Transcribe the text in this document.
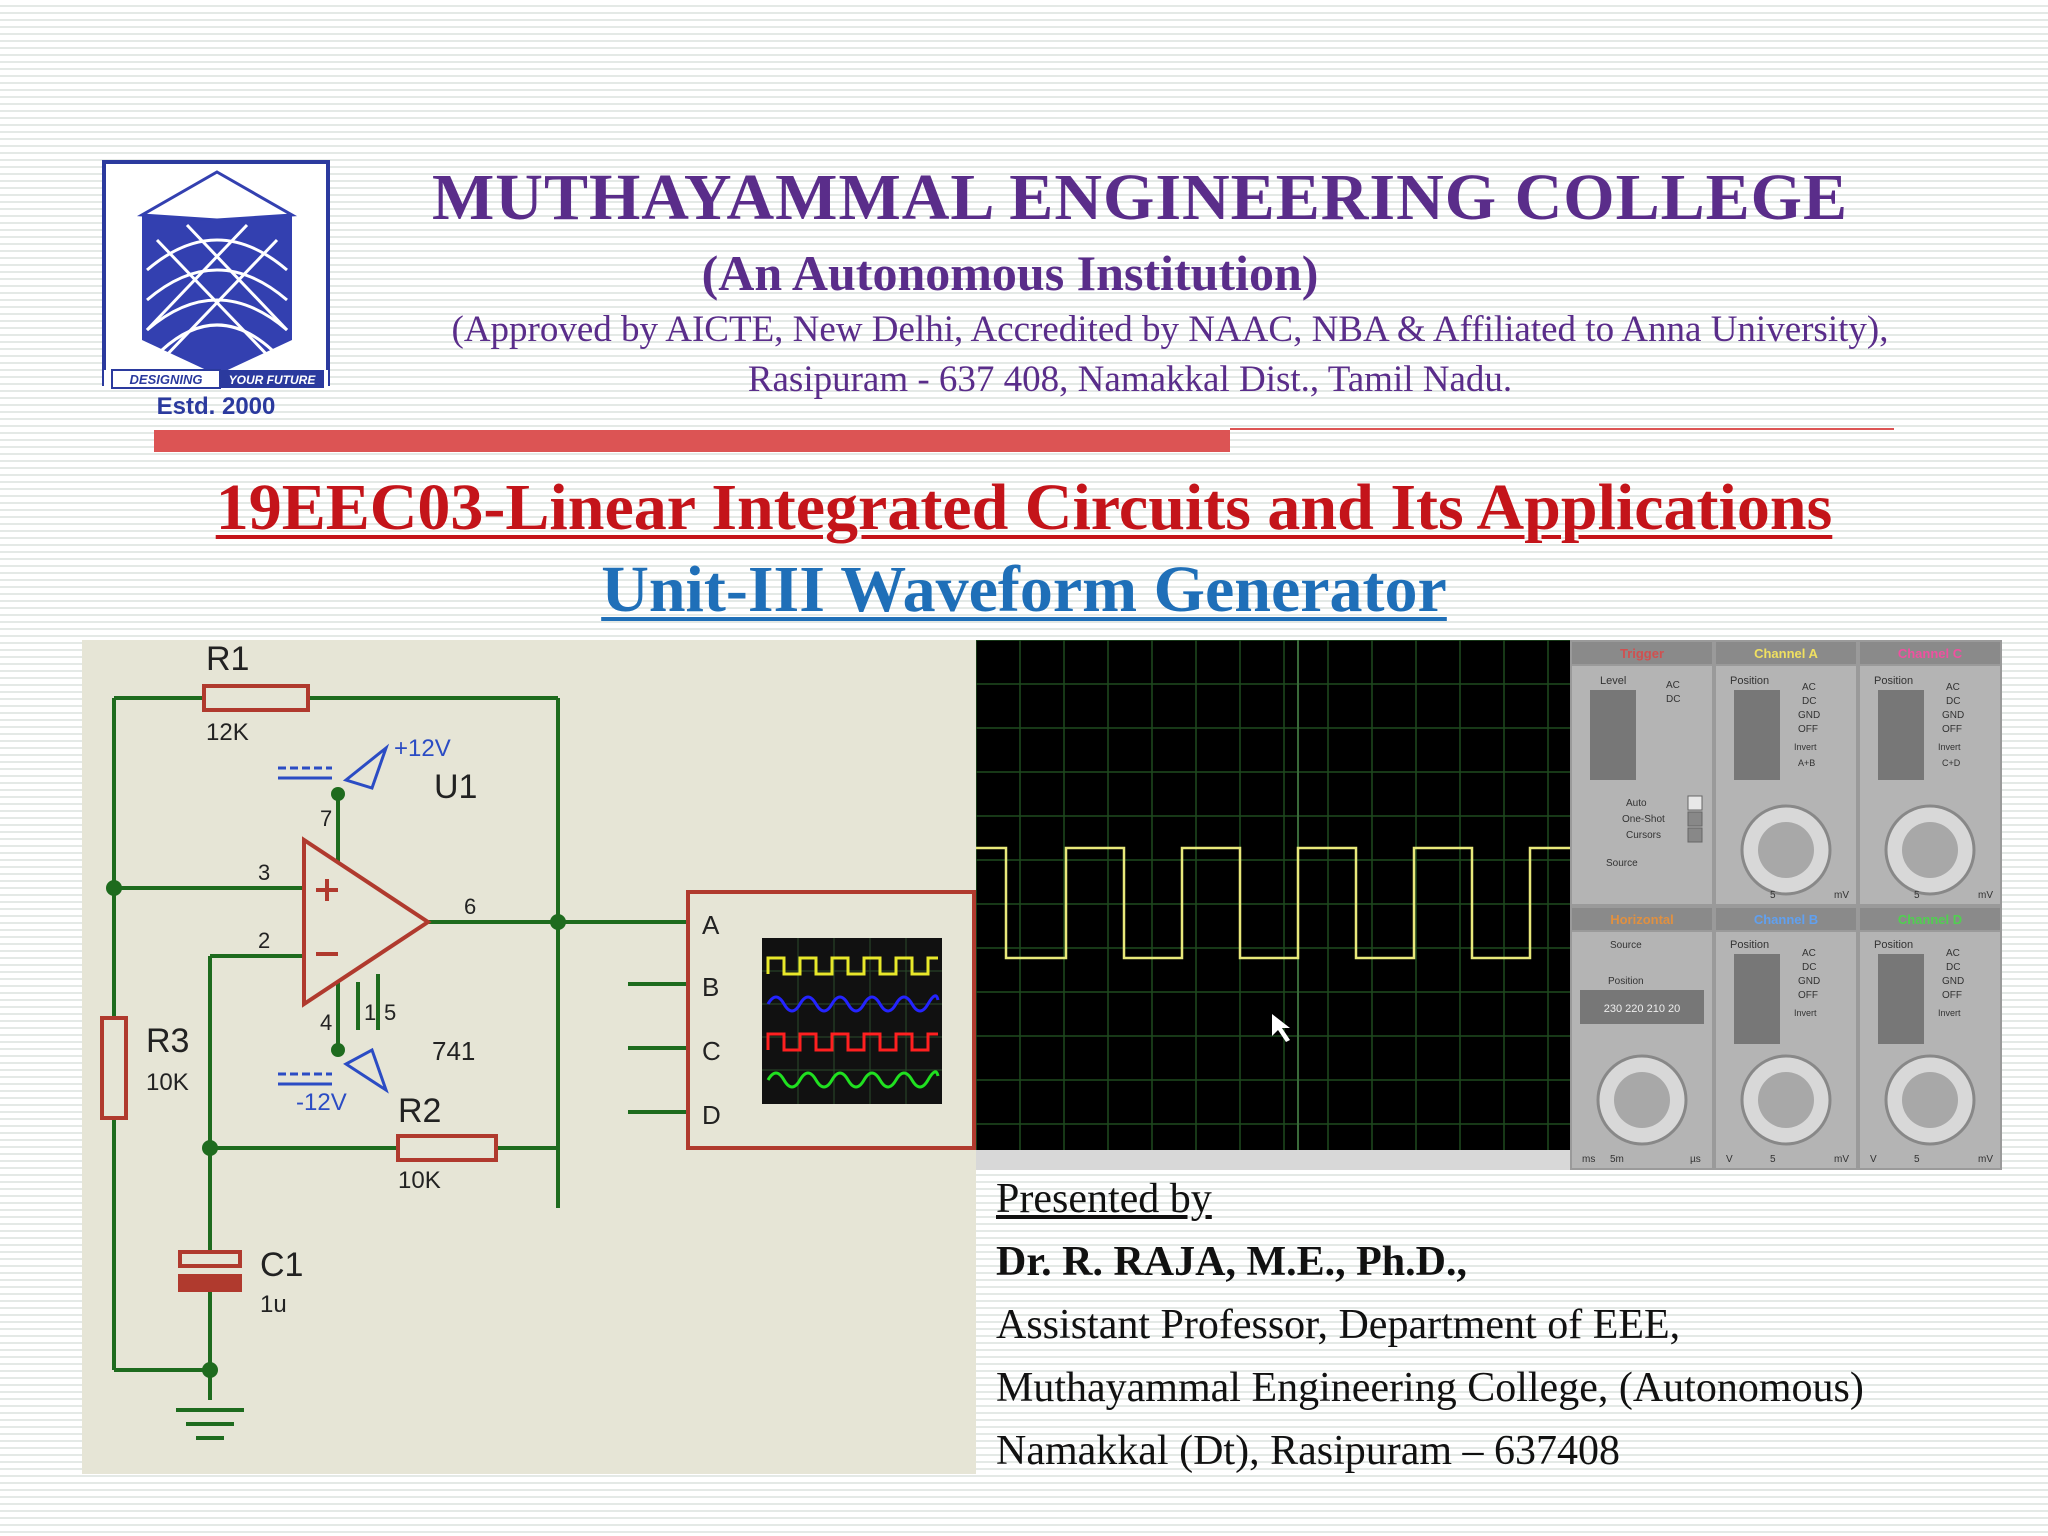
DESIGNING YOUR FUTURE
Estd. 2000
MUTHAYAMMAL ENGINEERING COLLEGE
(An Autonomous Institution)
(Approved by AICTE, New Delhi, Accredited by NAAC, NBA & Affiliated to Anna University),
Rasipuram - 637 408, Namakkal Dist., Tamil Nadu.
19EEC03-Linear Integrated Circuits and Its Applications
Unit-III Waveform Generator
R1
12K
R3
10K
R2
10K
C1
1u
U1
741
+12V
-12V
3
2
6
7
4 1 5
A
B
C
D
Trigger	Channel A	Channel C
Horizontal	Channel B	Channel D
Level	AC
DC
Auto
One-Shot
Cursors
Source
Position
AC
DC
GND
OFF
Invert
A+B
Position
AC
DC
GND
OFF
Invert
C+D
5	mV	5	mV
Source
Position
230 220 210 20
ms 5m	µs
Position
AC
DC
GND
OFF
Invert
V	5	mV
Position
AC
DC
GND
OFF
Invert
V	5	mV
Presented by
Dr. R. RAJA, M.E., Ph.D.,
Assistant Professor, Department of EEE,
Muthayammal Engineering College, (Autonomous)
Namakkal (Dt), Rasipuram – 637408
